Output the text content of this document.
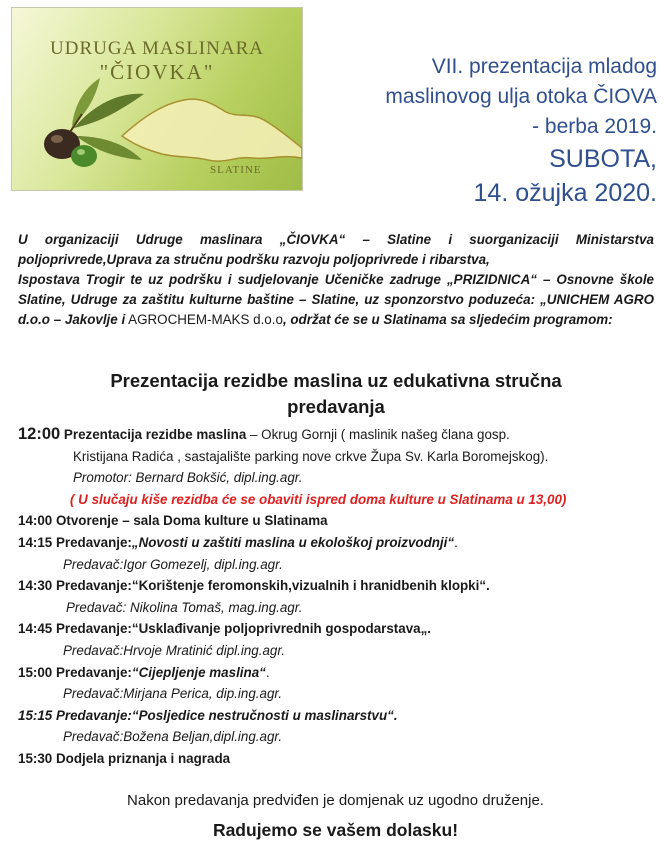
UDRUGA MASLINARA
"ČIOVKA"
SLATINE
VII. prezentacija mladog
maslinovog ulja otoka ČIOVA
- berba 2019.
SUBOTA,
14. ožujka 2020.
U organizaciji Udruge maslinara „ČIOVKA“ – Slatine i suorganizaciji Ministarstva poljoprivrede,Uprava za stručnu podršku razvoju poljoprivrede i ribarstva,
Ispostava Trogir te uz podršku i sudjelovanje Učeničke zadruge „PRIZIDNICA“ – Osnovne škole Slatine, Udruge za zaštitu kulturne baštine – Slatine, uz sponzorstvo poduzeća: „UNICHEM AGRO d.o.o – Jakovlje i AGROCHEM-MAKS d.o.o, održat će se u Slatinama sa sljedećim programom:
Prezentacija rezidbe maslina uz edukativna stručna
predavanja
12:00 Prezentacija rezidbe maslina – Okrug Gornji ( maslinik našeg člana gosp.
Kristijana Radića , sastajalište parking nove crkve Župa Sv. Karla Boromejskog).
Promotor: Bernard Bokšić, dipl.ing.agr.
( U slučaju kiše rezidba će se obaviti ispred doma kulture u Slatinama u 13,00)
14:00 Otvorenje – sala Doma kulture u Slatinama
14:15 Predavanje:„Novosti u zaštiti maslina u ekološkoj proizvodnji“.
Predavač:Igor Gomezelj, dipl.ing.agr.
14:30 Predavanje:“Korištenje feromonskih,vizualnih i hranidbenih klopki“.
Predavač: Nikolina Tomaš, mag.ing.agr.
14:45 Predavanje:“Usklađivanje poljoprivrednih gospodarstava„.
Predavač:Hrvoje Mratinić dipl.ing.agr.
15:00 Predavanje:“Cijepljenje maslina“.
Predavač:Mirjana Perica, dip.ing.agr.
15:15 Predavanje:“Posljedice nestručnosti u maslinarstvu“.
Predavač:Božena Beljan,dipl.ing.agr.
15:30 Dodjela priznanja i nagrada
Nakon predavanja predviđen je domjenak uz ugodno druženje.
Radujemo se vašem dolasku!
